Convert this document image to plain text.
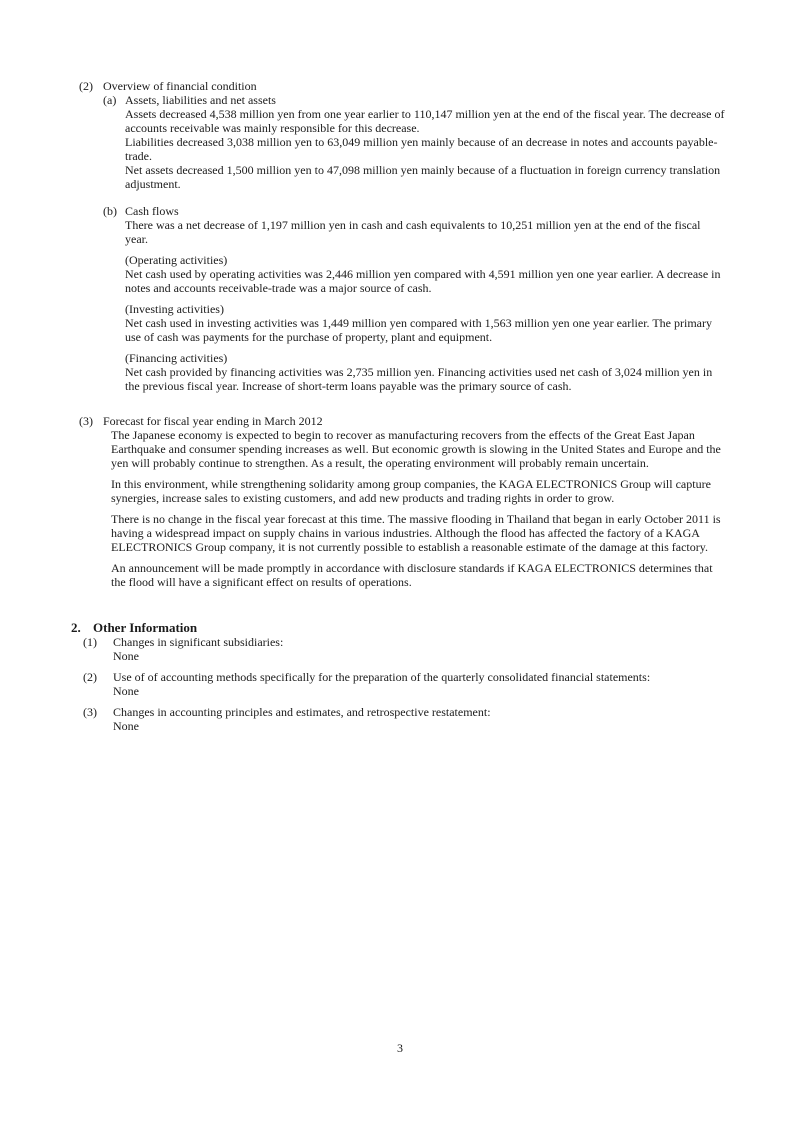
(2) Overview of financial condition
(a) Assets, liabilities and net assets

Assets decreased 4,538 million yen from one year earlier to 110,147 million yen at the end of the fiscal year. The decrease of accounts receivable was mainly responsible for this decrease.

Liabilities decreased 3,038 million yen to 63,049 million yen mainly because of an decrease in notes and accounts payable-trade.

Net assets decreased 1,500 million yen to 47,098 million yen mainly because of a fluctuation in foreign currency translation adjustment.

(b) Cash flows

There was a net decrease of 1,197 million yen in cash and cash equivalents to 10,251 million yen at the end of the fiscal year.

(Operating activities)

Net cash used by operating activities was 2,446 million yen compared with 4,591 million yen one year earlier. A decrease in notes and accounts receivable-trade was a major source of cash.

(Investing activities)

Net cash used in investing activities was 1,449 million yen compared with 1,563 million yen one year earlier. The primary use of cash was payments for the purchase of property, plant and equipment.

(Financing activities)

Net cash provided by financing activities was 2,735 million yen. Financing activities used net cash of 3,024 million yen in the previous fiscal year. Increase of short-term loans payable was the primary source of cash.

(3) Forecast for fiscal year ending in March 2012

The Japanese economy is expected to begin to recover as manufacturing recovers from the effects of the Great East Japan Earthquake and consumer spending increases as well. But economic growth is slowing in the United States and Europe and the yen will probably continue to strengthen. As a result, the operating environment will probably remain uncertain.

In this environment, while strengthening solidarity among group companies, the KAGA ELECTRONICS Group will capture synergies, increase sales to existing customers, and add new products and trading rights in order to grow.

There is no change in the fiscal year forecast at this time. The massive flooding in Thailand that began in early October 2011 is having a widespread impact on supply chains in various industries. Although the flood has affected the factory of a KAGA ELECTRONICS Group company, it is not currently possible to establish a reasonable estimate of the damage at this factory.

An announcement will be made promptly in accordance with disclosure standards if KAGA ELECTRONICS determines that the flood will have a significant effect on results of operations.

2. Other Information
(1) Changes in significant subsidiaries:
None
(2) Use of of accounting methods specifically for the preparation of the quarterly consolidated financial statements:
None
(3) Changes in accounting principles and estimates, and retrospective restatement:
None
3
